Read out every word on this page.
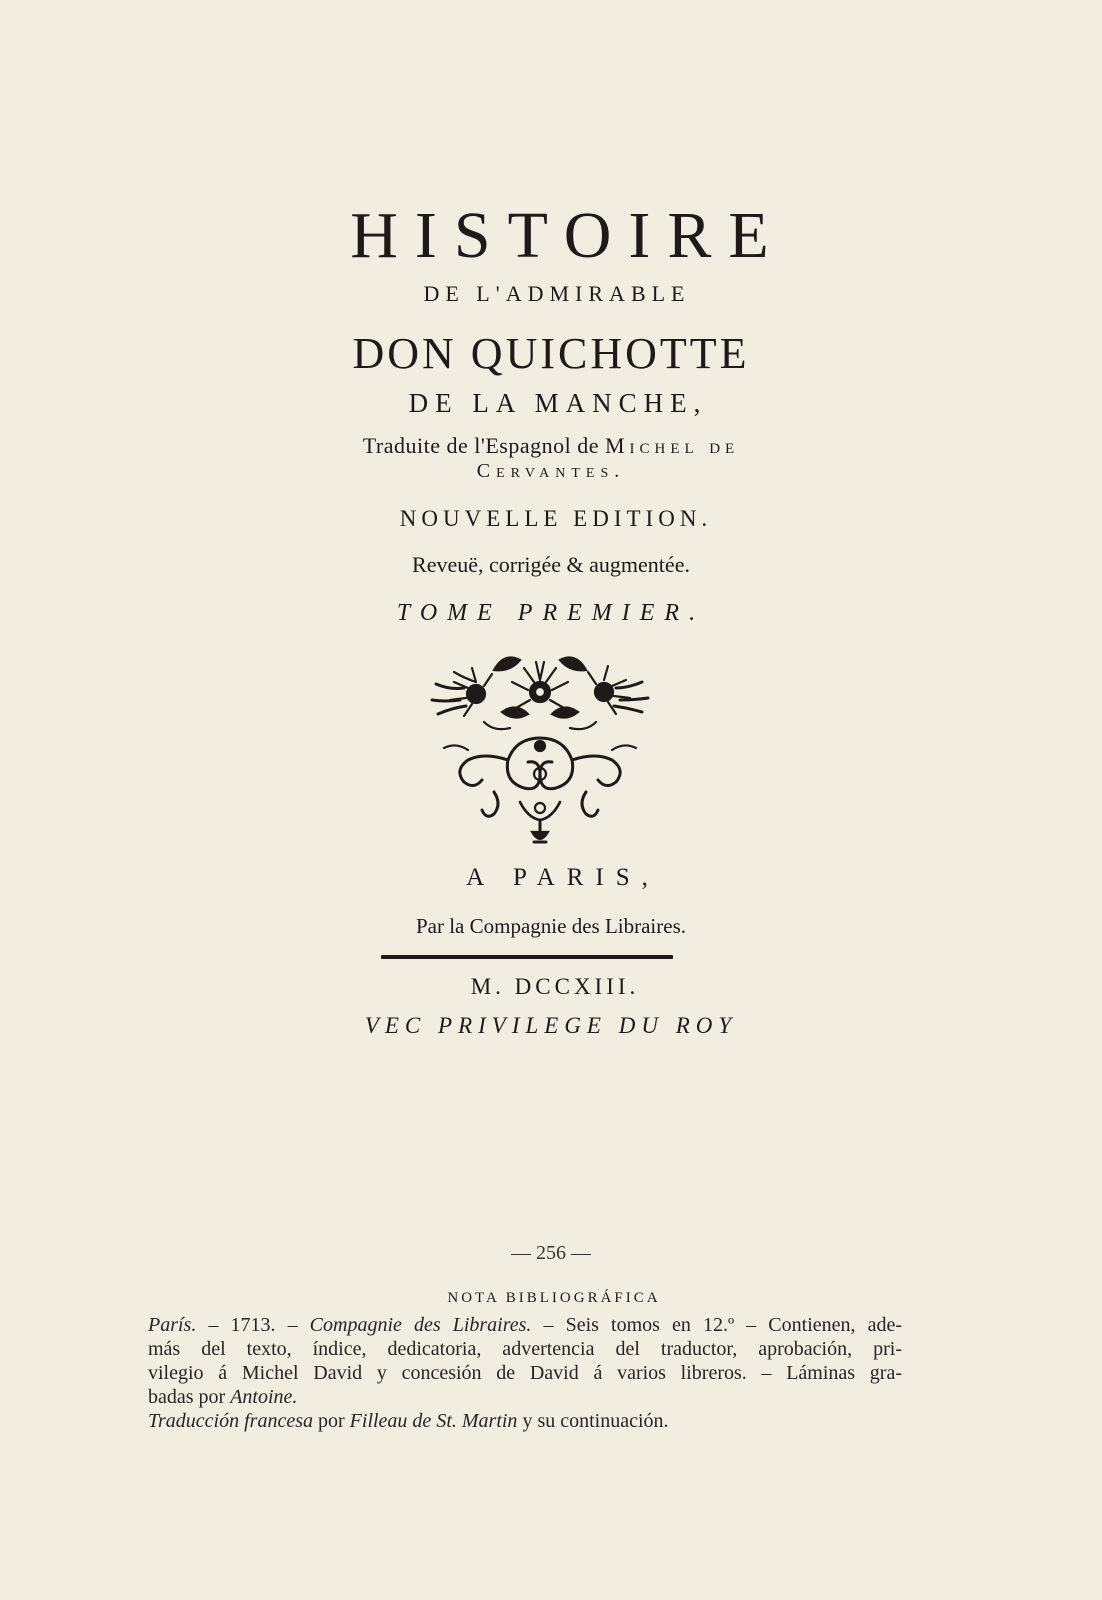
HISTOIRE
DE L'ADMIRABLE
DON QUICHOTTE
DE LA MANCHE,
Traduite de l'Espagnol de Michel de
Cervantes.
NOUVELLE EDITION.
Reveuë, corrigée & augmentée.
TOME PREMIER.
A PARIS,
Par la Compagnie des Libraires.
M. DCCXIII.
VEC PRIVILEGE DU ROY
— 256 —
NOTA BIBLIOGRÁFICA
París. – 1713. – Compagnie des Libraires. – Seis tomos en 12.º – Contienen, ade-
más del texto, índice, dedicatoria, advertencia del traductor, aprobación, pri-
vilegio á Michel David y concesión de David á varios libreros. – Láminas gra-
badas por Antoine.
Traducción francesa por Filleau de St. Martin y su continuación.
